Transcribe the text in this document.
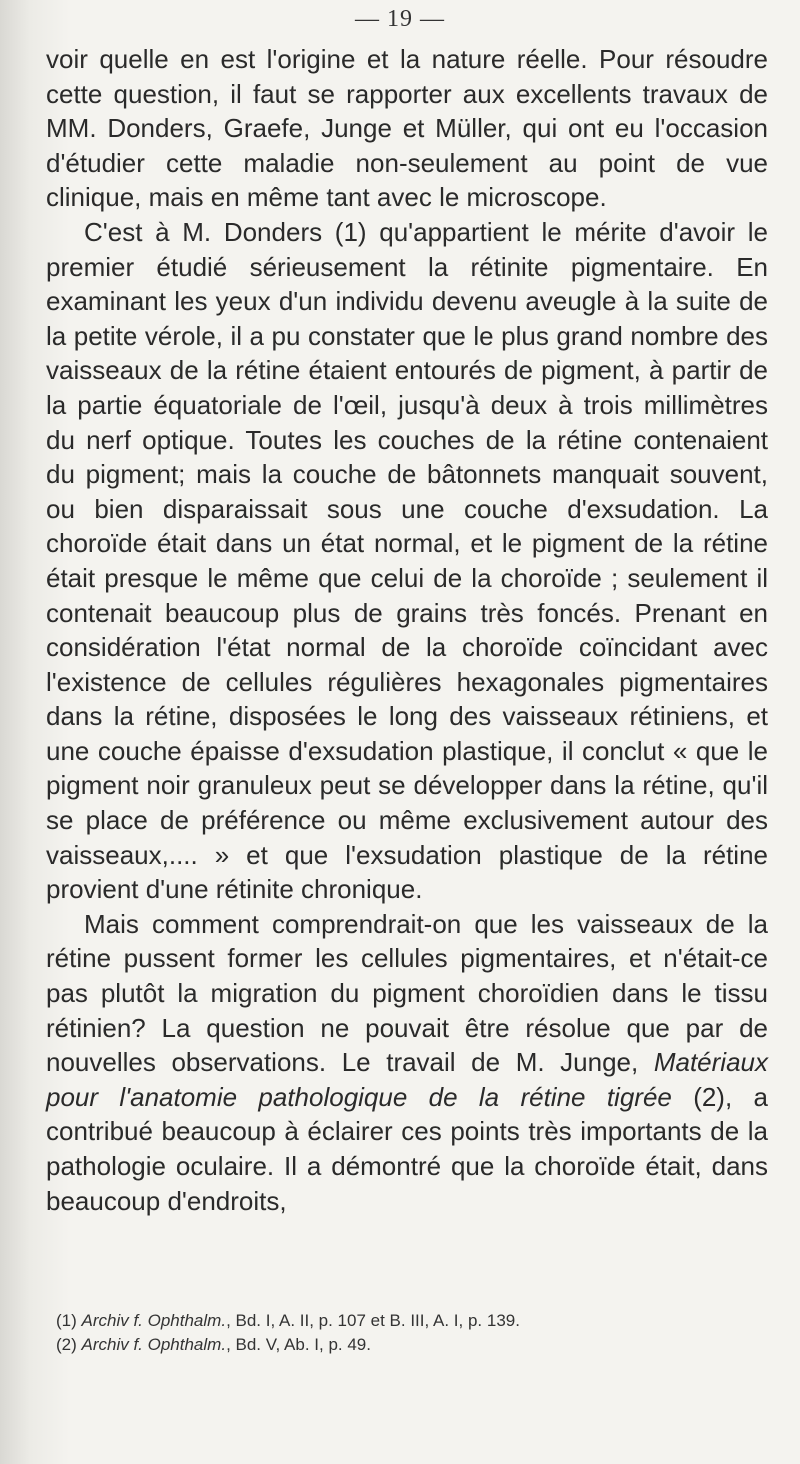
— 19 —

voir quelle en est l'origine et la nature réelle. Pour résoudre cette question, il faut se rapporter aux excellents travaux de MM. Donders, Graefe, Junge et Müller, qui ont eu l'occasion d'étudier cette maladie non-seulement au point de vue clinique, mais en même tant avec le microscope.

C'est à M. Donders (1) qu'appartient le mérite d'avoir le premier étudié sérieusement la rétinite pigmentaire. En examinant les yeux d'un individu devenu aveugle à la suite de la petite vérole, il a pu constater que le plus grand nombre des vaisseaux de la rétine étaient entourés de pigment, à partir de la partie équatoriale de l'œil, jusqu'à deux à trois millimètres du nerf optique. Toutes les couches de la rétine contenaient du pigment; mais la couche de bâtonnets manquait souvent, ou bien disparaissait sous une couche d'exsudation. La choroïde était dans un état normal, et le pigment de la rétine était presque le même que celui de la choroïde ; seulement il contenait beaucoup plus de grains très foncés. Prenant en considération l'état normal de la choroïde coïncidant avec l'existence de cellules régulières hexagonales pigmentaires dans la rétine, disposées le long des vaisseaux rétiniens, et une couche épaisse d'exsudation plastique, il conclut « que le pigment noir granuleux peut se développer dans la rétine, qu'il se place de préférence ou même exclusivement autour des vaisseaux,.... » et que l'exsudation plastique de la rétine provient d'une rétinite chronique.

Mais comment comprendrait-on que les vaisseaux de la rétine pussent former les cellules pigmentaires, et n'était-ce pas plutôt la migration du pigment choroïdien dans le tissu rétinien? La question ne pouvait être résolue que par de nouvelles observations. Le travail de M. Junge, Matériaux pour l'anatomie pathologique de la rétine tigrée (2), a contribué beaucoup à éclairer ces points très importants de la pathologie oculaire. Il a démontré que la choroïde était, dans beaucoup d'endroits,

(1) Archiv f. Ophthalm., Bd. I, A. II, p. 107 et B. III, A. I, p. 139.
(2) Archiv f. Ophthalm., Bd. V, Ab. I, p. 49.
